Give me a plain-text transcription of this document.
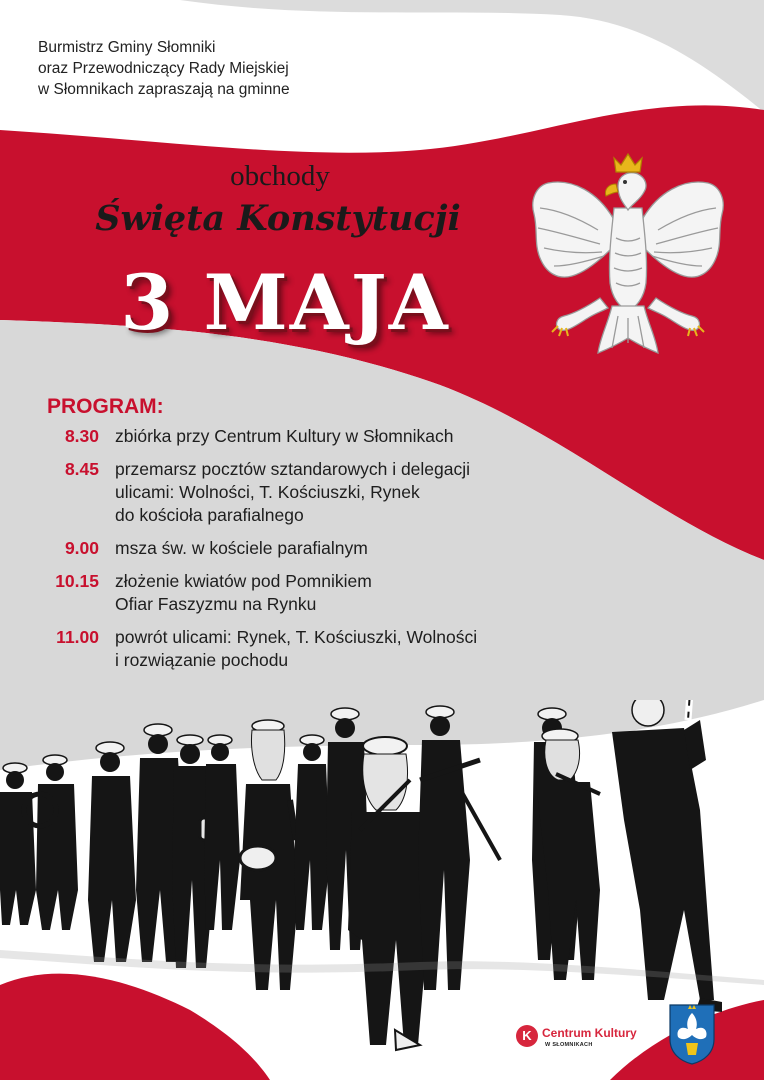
Burmistrz Gminy Słomniki
oraz Przewodniczący Rady Miejskiej
w Słomnikach zapraszają na gminne
obchody
Święta Konstytucji
3 MAJA
PROGRAM:
8.30 zbiórka przy Centrum Kultury w Słomnikach
8.45 przemarsz pocztów sztandarowych i delegacji
ulicami: Wolności, T. Kościuszki, Rynek
do kościoła parafialnego
9.00 msza św. w kościele parafialnym
10.15 złożenie kwiatów pod Pomnikiem
Ofiar Faszyzmu na Rynku
11.00 powrót ulicami: Rynek, T. Kościuszki, Wolności
i rozwiązanie pochodu
K Centrum Kultury
W SŁOMNIKACH
